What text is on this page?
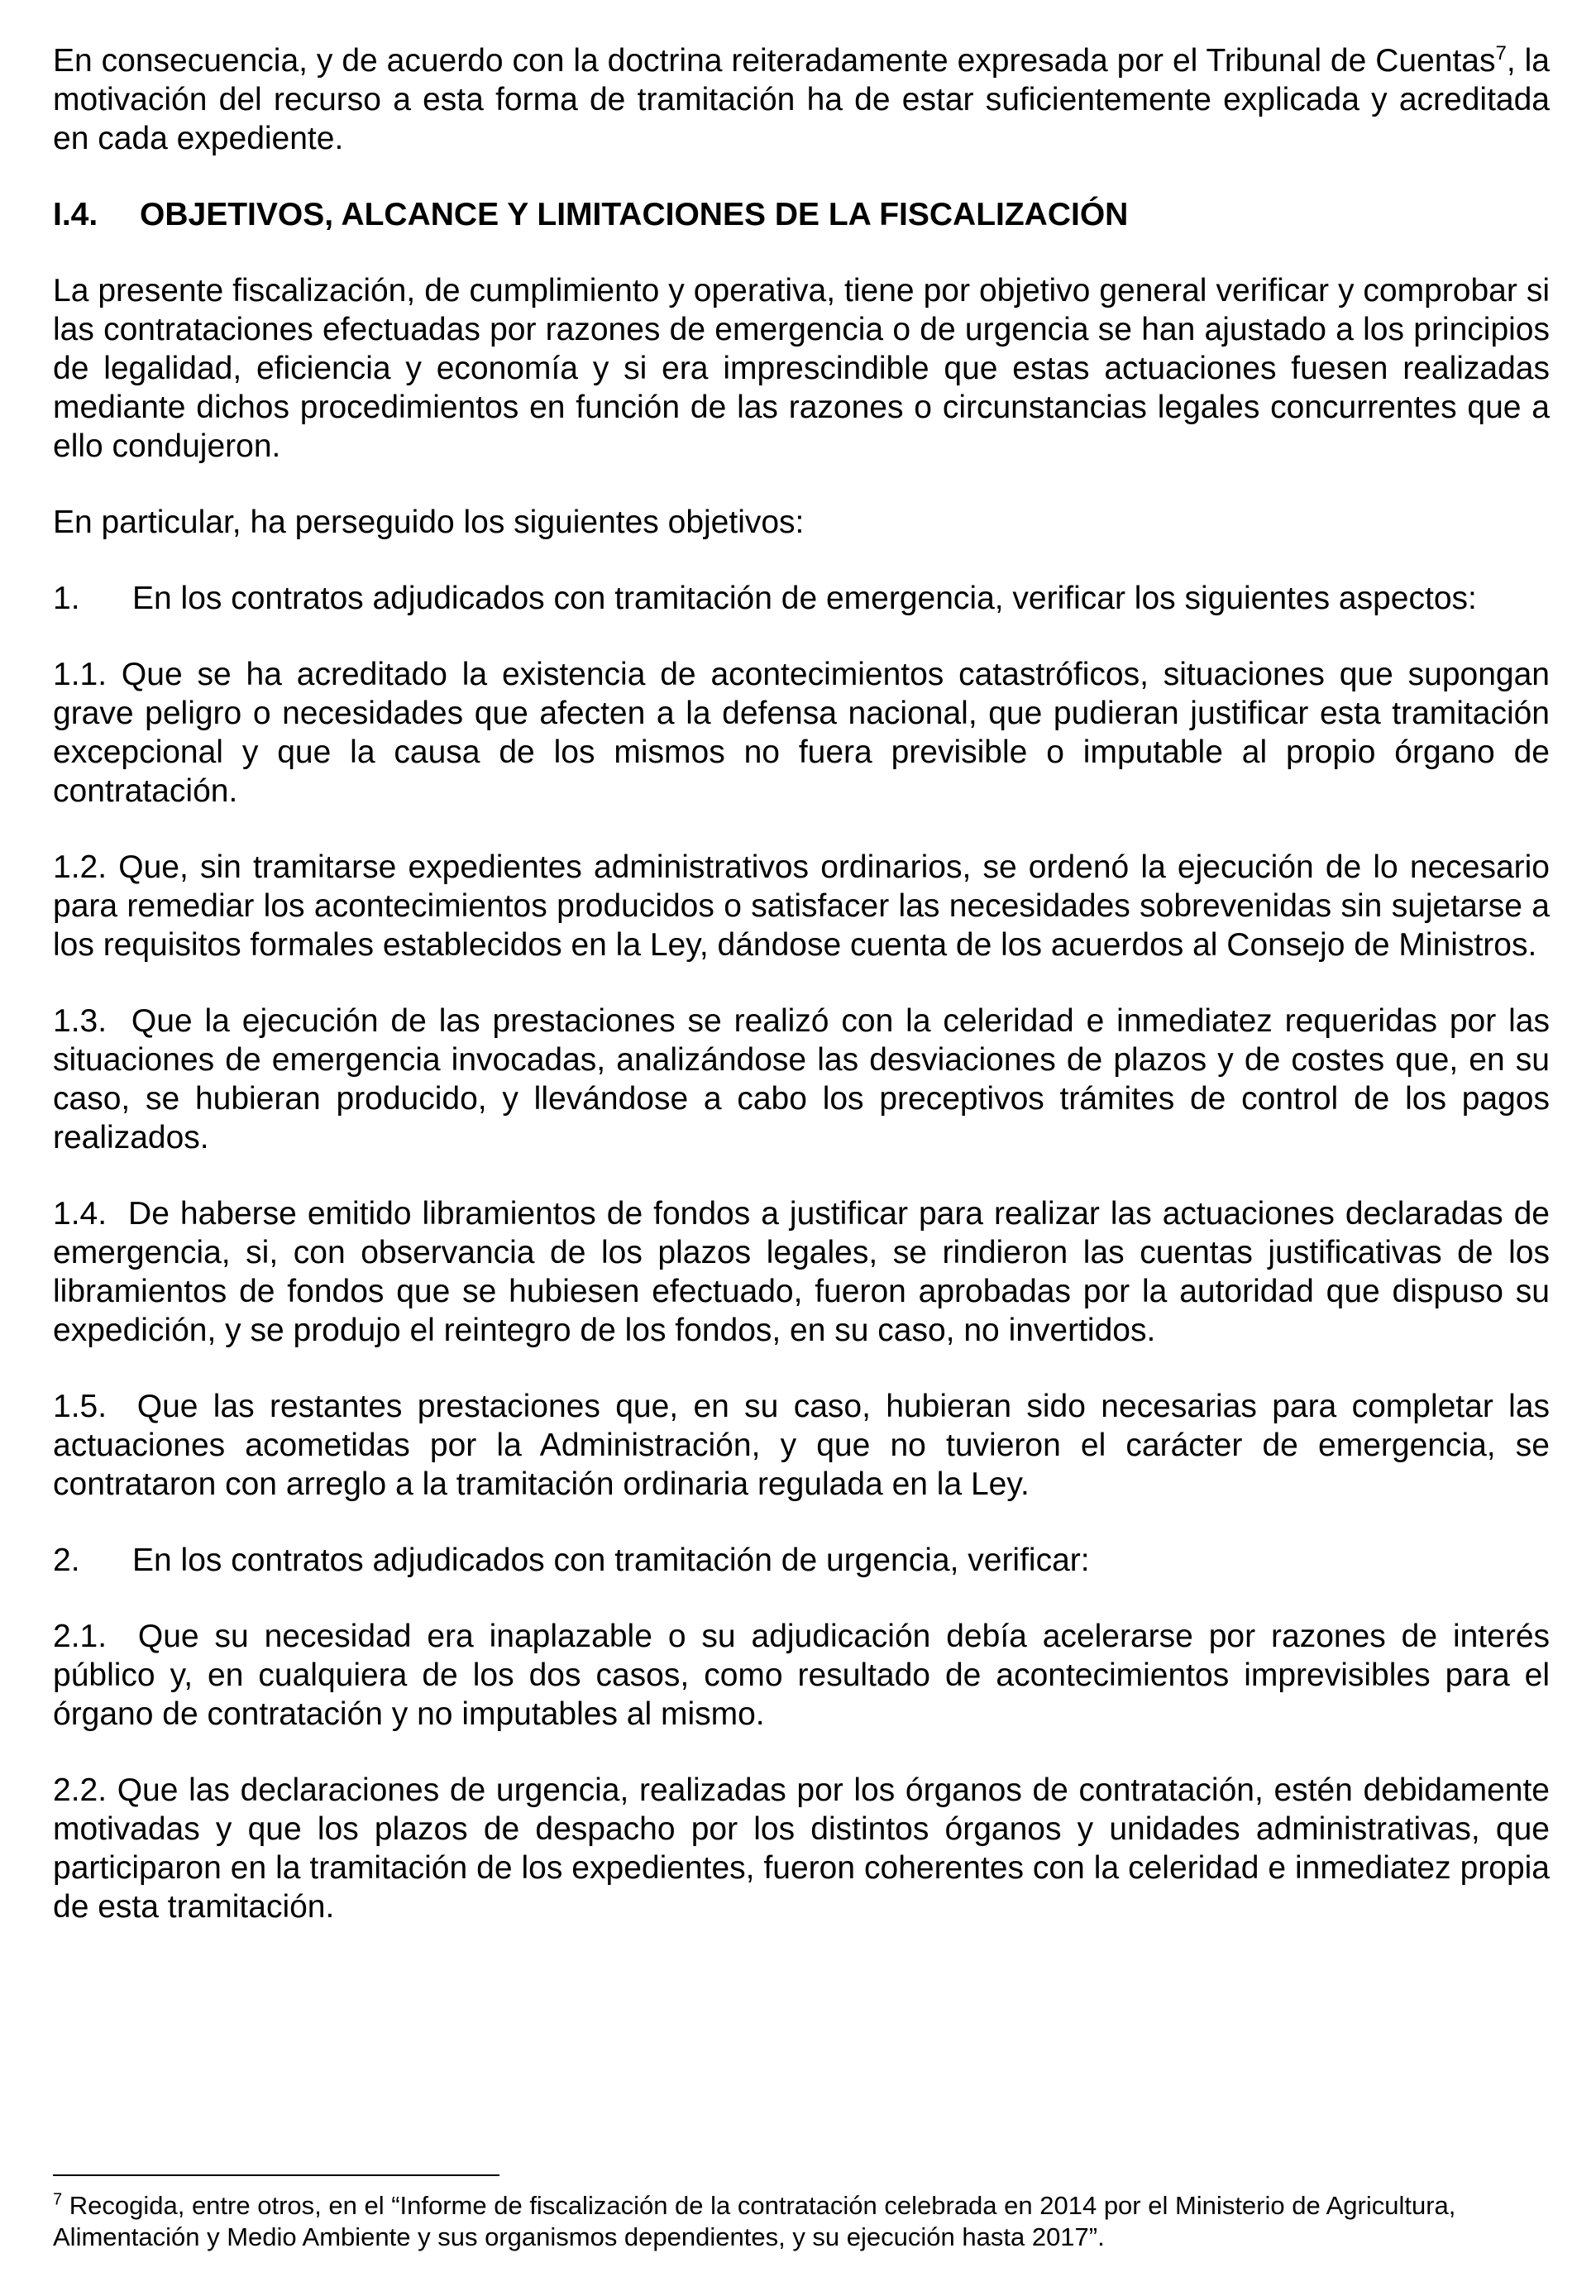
En consecuencia, y de acuerdo con la doctrina reiteradamente expresada por el Tribunal de Cuentas$^7$, la motivación del recurso a esta forma de tramitación ha de estar suficientemente explicada y acreditada en cada expediente.

I.4.	OBJETIVOS, ALCANCE Y LIMITACIONES DE LA FISCALIZACIÓN

La presente fiscalización, de cumplimiento y operativa, tiene por objetivo general verificar y comprobar si las contrataciones efectuadas por razones de emergencia o de urgencia se han ajustado a los principios de legalidad, eficiencia y economía y si era imprescindible que estas actuaciones fuesen realizadas mediante dichos procedimientos en función de las razones o circunstancias legales concurrentes que a ello condujeron.

En particular, ha perseguido los siguientes objetivos:

1. En los contratos adjudicados con tramitación de emergencia, verificar los siguientes aspectos:

1.1. Que se ha acreditado la existencia de acontecimientos catastróficos, situaciones que supongan grave peligro o necesidades que afecten a la defensa nacional, que pudieran justificar esta tramitación excepcional y que la causa de los mismos no fuera previsible o imputable al propio órgano de contratación.

1.2. Que, sin tramitarse expedientes administrativos ordinarios, se ordenó la ejecución de lo necesario para remediar los acontecimientos producidos o satisfacer las necesidades sobrevenidas sin sujetarse a los requisitos formales establecidos en la Ley, dándose cuenta de los acuerdos al Consejo de Ministros.

1.3. Que la ejecución de las prestaciones se realizó con la celeridad e inmediatez requeridas por las situaciones de emergencia invocadas, analizándose las desviaciones de plazos y de costes que, en su caso, se hubieran producido, y llevándose a cabo los preceptivos trámites de control de los pagos realizados.

1.4. De haberse emitido libramientos de fondos a justificar para realizar las actuaciones declaradas de emergencia, si, con observancia de los plazos legales, se rindieron las cuentas justificativas de los libramientos de fondos que se hubiesen efectuado, fueron aprobadas por la autoridad que dispuso su expedición, y se produjo el reintegro de los fondos, en su caso, no invertidos.

1.5. Que las restantes prestaciones que, en su caso, hubieran sido necesarias para completar las actuaciones acometidas por la Administración, y que no tuvieron el carácter de emergencia, se contrataron con arreglo a la tramitación ordinaria regulada en la Ley.

2. En los contratos adjudicados con tramitación de urgencia, verificar:

2.1. Que su necesidad era inaplazable o su adjudicación debía acelerarse por razones de interés público y, en cualquiera de los dos casos, como resultado de acontecimientos imprevisibles para el órgano de contratación y no imputables al mismo.

2.2. Que las declaraciones de urgencia, realizadas por los órganos de contratación, estén debidamente motivadas y que los plazos de despacho por los distintos órganos y unidades administrativas, que participaron en la tramitación de los expedientes, fueron coherentes con la celeridad e inmediatez propia de esta tramitación.

$^7$ Recogida, entre otros, en el “Informe de fiscalización de la contratación celebrada en 2014 por el Ministerio de Agricultura, Alimentación y Medio Ambiente y sus organismos dependientes, y su ejecución hasta 2017”.
